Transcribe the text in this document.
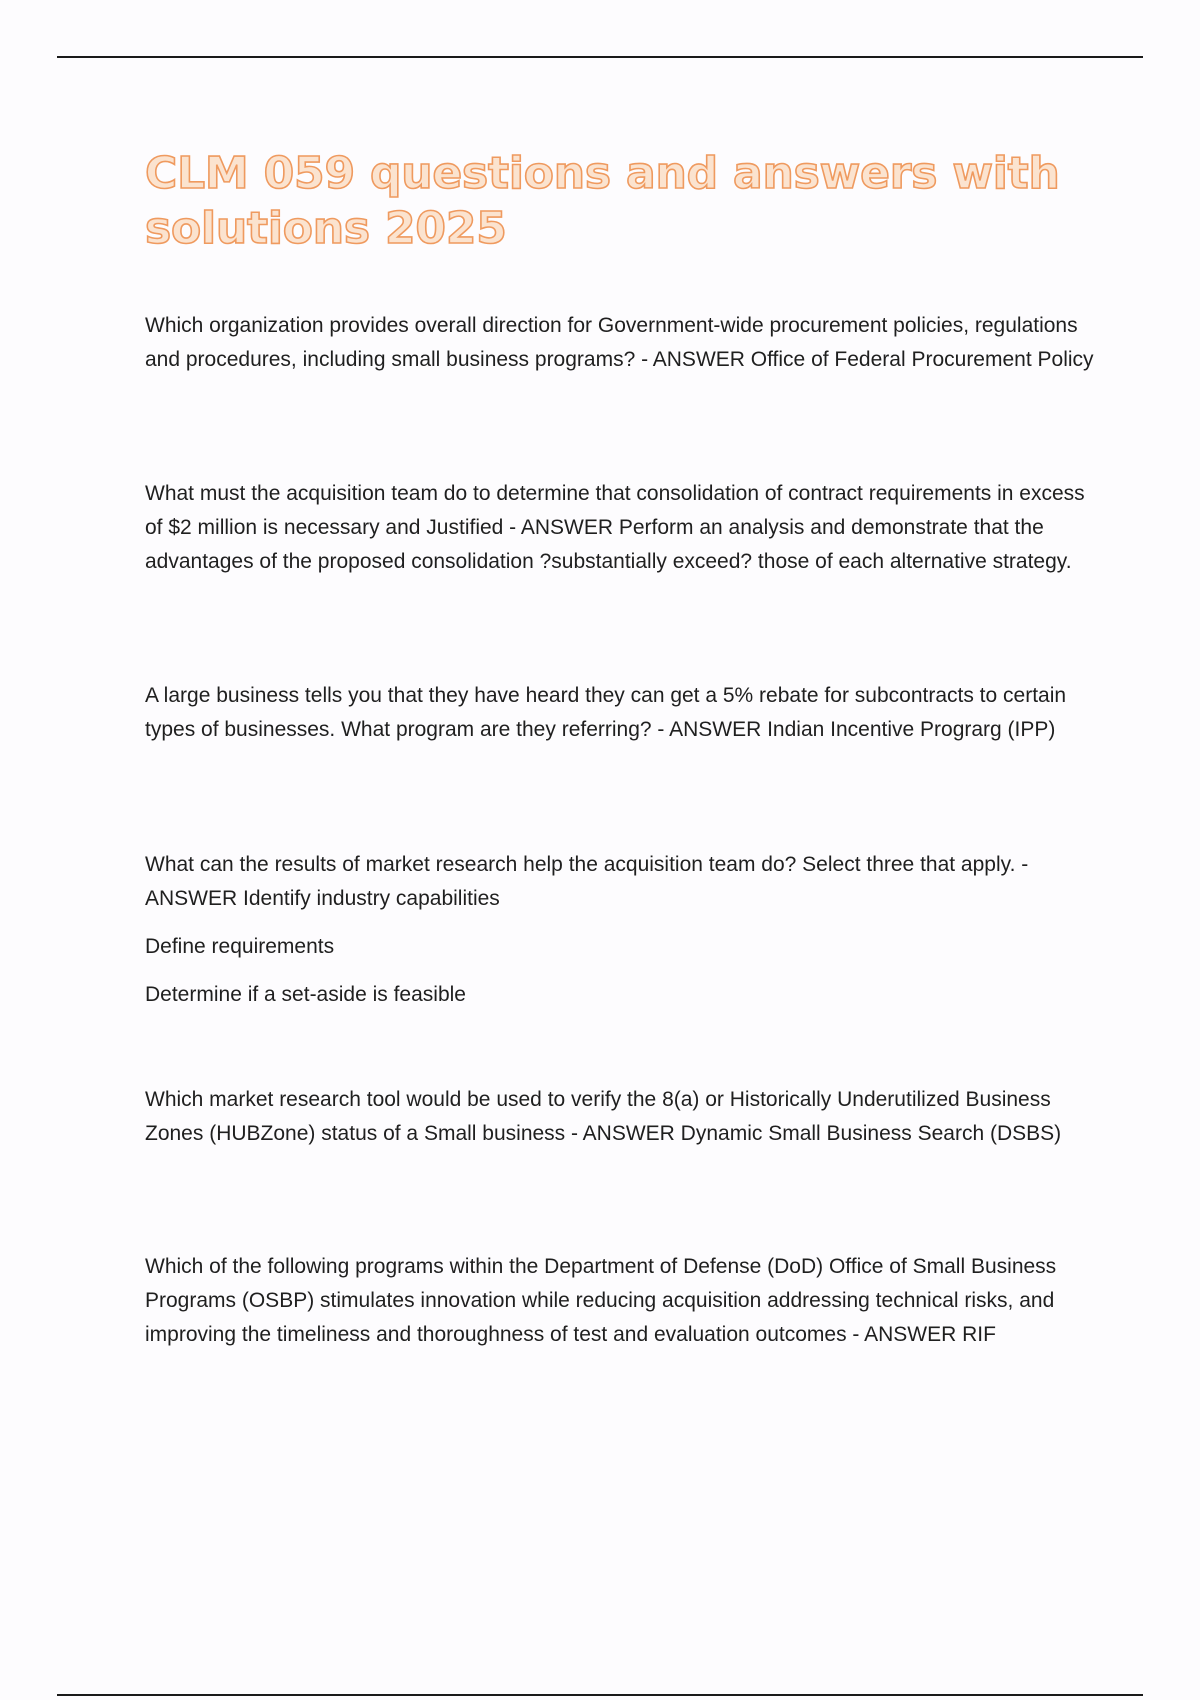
CLM 059 questions and answers with solutions 2025

Which organization provides overall direction for Government-wide procurement policies, regulations and procedures, including small business programs? - ANSWER Office of Federal Procurement Policy

What must the acquisition team do to determine that consolidation of contract requirements in excess of $2 million is necessary and Justified - ANSWER Perform an analysis and demonstrate that the advantages of the proposed consolidation ?substantially exceed? those of each alternative strategy.

A large business tells you that they have heard they can get a 5% rebate for subcontracts to certain types of businesses. What program are they referring? - ANSWER Indian Incentive Prograrg (IPP)

What can the results of market research help the acquisition team do? Select three that apply. - ANSWER Identify industry capabilities
Define requirements
Determine if a set-aside is feasible

Which market research tool would be used to verify the 8(a) or Historically Underutilized Business Zones (HUBZone) status of a Small business - ANSWER Dynamic Small Business Search (DSBS)

Which of the following programs within the Department of Defense (DoD) Office of Small Business Programs (OSBP) stimulates innovation while reducing acquisition addressing technical risks, and improving the timeliness and thoroughness of test and evaluation outcomes - ANSWER RIF
